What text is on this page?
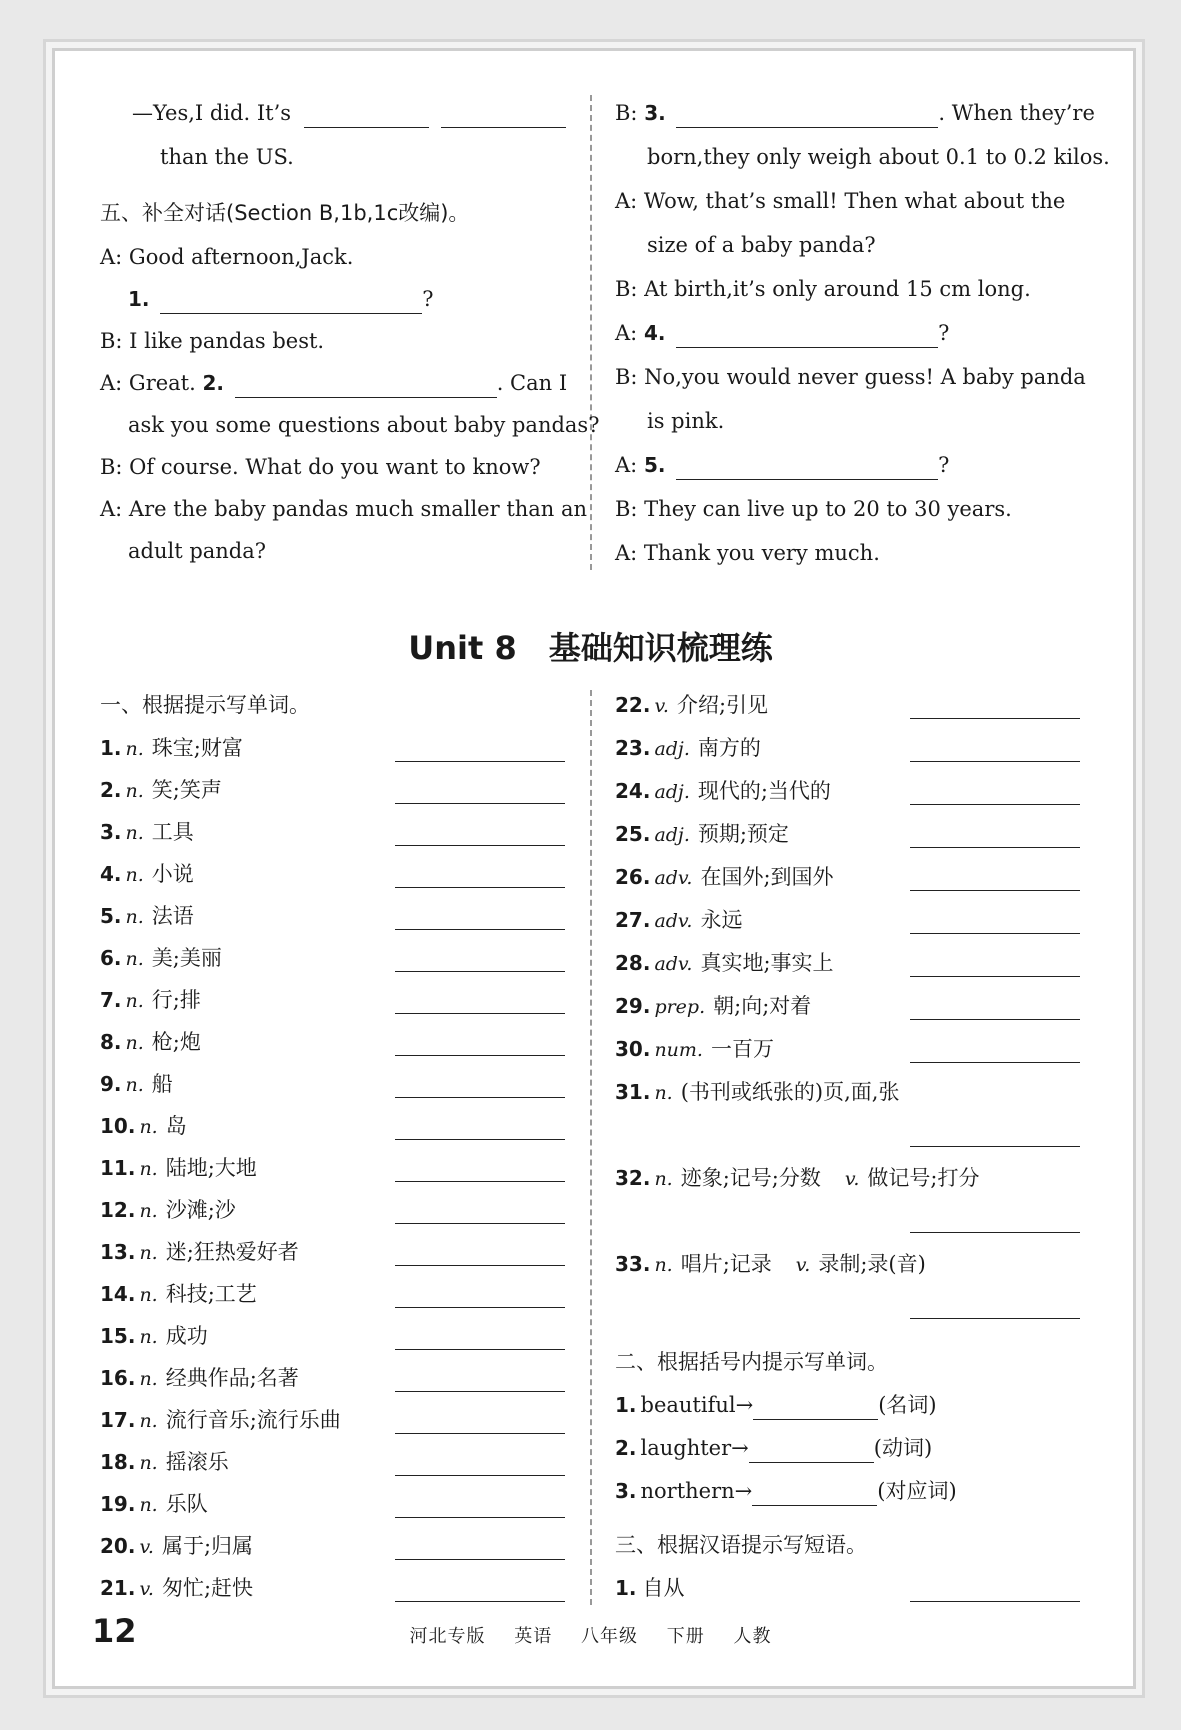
—Yes,I did. It’s
than the US.
五、补全对话(Section B,1b,1c改编)。
A: Good afternoon,Jack.
1.	?
B: I like pandas best.
A: Great. 2.	. Can I
ask you some questions about baby pandas?
B: Of course. What do you want to know?
A: Are the baby pandas much smaller than an
adult panda?
B: 3.	. When they’re
born,they only weigh about 0.1 to 0.2 kilos.
A: Wow, that’s small! Then what about the
size of a baby panda?
B: At birth,it’s only around 15 cm long.
A: 4.	?
B: No,you would never guess! A baby panda
is pink.
A: 5.	?
B: They can live up to 20 to 30 years.
A: Thank you very much.
Unit 8　基础知识梳理练
一、根据提示写单词。
1. n. 珠宝;财富
2. n. 笑;笑声
3. n. 工具
4. n. 小说
5. n. 法语
6. n. 美;美丽
7. n. 行;排
8. n. 枪;炮
9. n. 船
10. n. 岛
11. n. 陆地;大地
12. n. 沙滩;沙
13. n. 迷;狂热爱好者
14. n. 科技;工艺
15. n. 成功
16. n. 经典作品;名著
17. n. 流行音乐;流行乐曲
18. n. 摇滚乐
19. n. 乐队
20. v. 属于;归属
21. v. 匆忙;赶快
22. v. 介绍;引见
23. adj. 南方的
24. adj. 现代的;当代的
25. adj. 预期;预定
26. adv. 在国外;到国外
27. adv. 永远
28. adv. 真实地;事实上
29. prep. 朝;向;对着
30. num. 一百万
31. n. (书刊或纸张的)页,面,张
32. n. 迹象;记号;分数 v. 做记号;打分
33. n. 唱片;记录 v. 录制;录(音)
二、根据括号内提示写单词。
1. beautiful→	(名词)
2. laughter→	(动词)
3. northern→	(对应词)
三、根据汉语提示写短语。
1. 自从
12	河北专版 英语 八年级 下册 人教
